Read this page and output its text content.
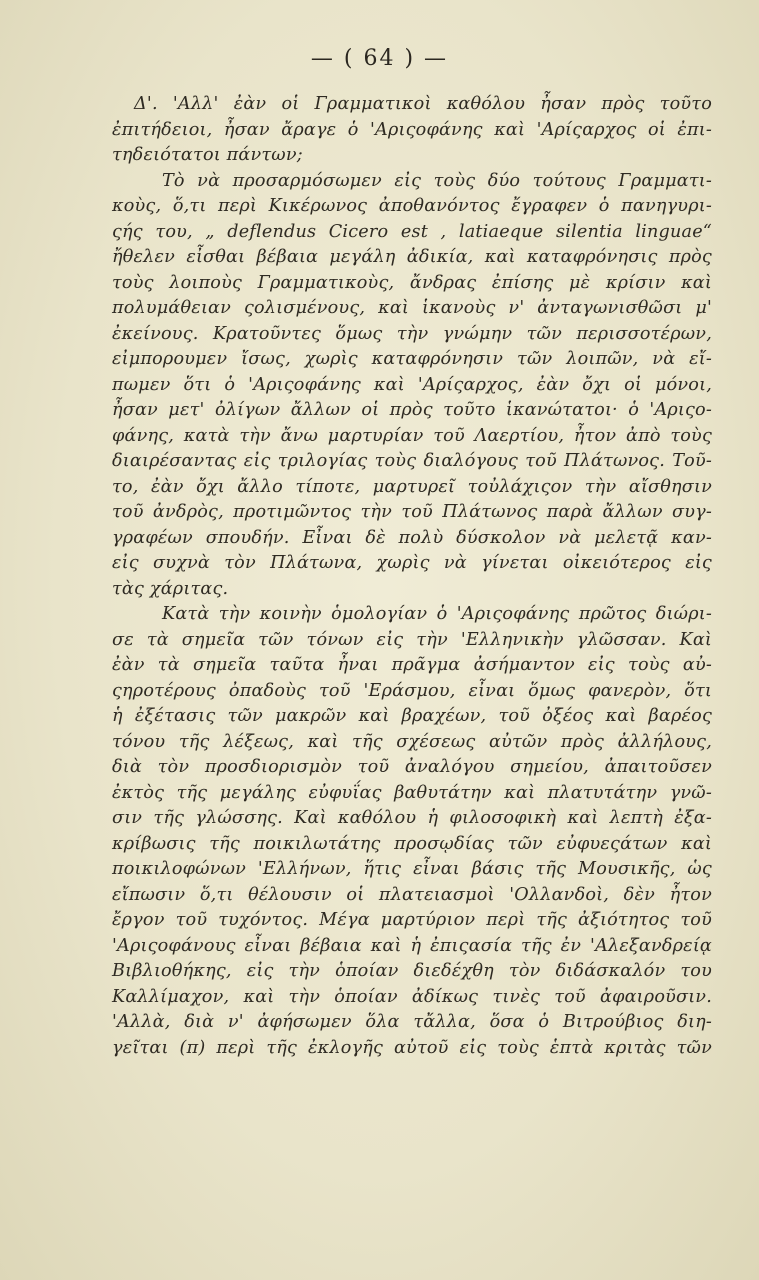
— ( 64 ) —
Δ'. 'Αλλ' ἐὰν οἱ Γραμματικοὶ καθόλου ἦσαν πρὸς τοῦτο
ἐπιτήδειοι, ἦσαν ἄραγε ὁ 'Αριςοφάνης καὶ 'Αρίςαρχος οἱ ἐπι-
τηδειότατοι πάντων;
Τὸ νὰ προσαρμόσωμεν εἰς τοὺς δύο τούτους Γραμματι-
κοὺς, ὅ,τι περὶ Κικέρωνος ἀποθανόντος ἔγραφεν ὁ πανηγυρι-
ςής του, „ deflendus Cicero est , latiaeque silentia linguae“
ἤθελεν εἶσθαι βέβαια μεγάλη ἀδικία, καὶ καταφρόνησις πρὸς
τοὺς λοιποὺς Γραμματικοὺς, ἄνδρας ἐπίσης μὲ κρίσιν καὶ
πολυμάθειαν ςολισμένους, καὶ ἱκανοὺς ν' ἀνταγωνισθῶσι μ'
ἐκείνους. Κρατοῦντες ὅμως τὴν γνώμην τῶν περισσοτέρων,
εἰμπορουμεν ἴσως, χωρὶς καταφρόνησιν τῶν λοιπῶν, νὰ εἴ-
πωμεν ὅτι ὁ 'Αριςοφάνης καὶ 'Αρίςαρχος, ἐὰν ὄχι οἱ μόνοι,
ἦσαν μετ' ὀλίγων ἄλλων οἱ πρὸς τοῦτο ἱκανώτατοι· ὁ 'Αριςο-
φάνης, κατὰ τὴν ἄνω μαρτυρίαν τοῦ Λαερτίου, ἦτον ἀπὸ τοὺς
διαιρέσαντας εἰς τριλογίας τοὺς διαλόγους τοῦ Πλάτωνος. Τοῦ-
το, ἐὰν ὄχι ἄλλο τίποτε, μαρτυρεῖ τοὐλάχιςον τὴν αἴσθησιν
τοῦ ἀνδρὸς, προτιμῶντος τὴν τοῦ Πλάτωνος παρὰ ἄλλων συγ-
γραφέων σπουδήν. Εἶναι δὲ πολὺ δύσκολον νὰ μελετᾷ καν-
εἰς συχνὰ τὸν Πλάτωνα, χωρὶς νὰ γίνεται οἰκειότερος εἰς
τὰς χάριτας.
Κατὰ τὴν κοινὴν ὁμολογίαν ὁ 'Αριςοφάνης πρῶτος διώρι-
σε τὰ σημεῖα τῶν τόνων εἰς τὴν 'Ελληνικὴν γλῶσσαν. Καὶ
ἐὰν τὰ σημεῖα ταῦτα ἦναι πρᾶγμα ἀσήμαντον εἰς τοὺς αὐ-
ςηροτέρους ὀπαδοὺς τοῦ 'Εράσμου, εἶναι ὅμως φανερὸν, ὅτι
ἡ ἐξέτασις τῶν μακρῶν καὶ βραχέων, τοῦ ὀξέος καὶ βαρέος
τόνου τῆς λέξεως, καὶ τῆς σχέσεως αὐτῶν πρὸς ἀλλήλους,
διὰ τὸν προσδιορισμὸν τοῦ ἀναλόγου σημείου, ἀπαιτοῦσεν
ἐκτὸς τῆς μεγάλης εὐφυΐας βαθυτάτην καὶ πλατυτάτην γνῶ-
σιν τῆς γλώσσης. Καὶ καθόλου ἡ φιλοσοφικὴ καὶ λεπτὴ ἐξα-
κρίβωσις τῆς ποικιλωτάτης προσῳδίας τῶν εὐφυεςάτων καὶ
ποικιλοφώνων 'Ελλήνων, ἥτις εἶναι βάσις τῆς Μουσικῆς, ὡς
εἴπωσιν ὅ,τι θέλουσιν οἱ πλατειασμοὶ 'Ολλανδοὶ, δὲν ἦτον
ἔργον τοῦ τυχόντος. Μέγα μαρτύριον περὶ τῆς ἀξιότητος τοῦ
'Αριςοφάνους εἶναι βέβαια καὶ ἡ ἐπιςασία τῆς ἐν 'Αλεξανδρείᾳ
Βιβλιοθήκης, εἰς τὴν ὁποίαν διεδέχθη τὸν διδάσκαλόν του
Καλλίμαχον, καὶ τὴν ὁποίαν ἀδίκως τινὲς τοῦ ἀφαιροῦσιν.
'Αλλὰ, διὰ ν' ἀφήσωμεν ὅλα τἄλλα, ὅσα ὁ Βιτρούβιος διη-
γεῖται (π) περὶ τῆς ἐκλογῆς αὐτοῦ εἰς τοὺς ἑπτὰ κριτὰς τῶν
